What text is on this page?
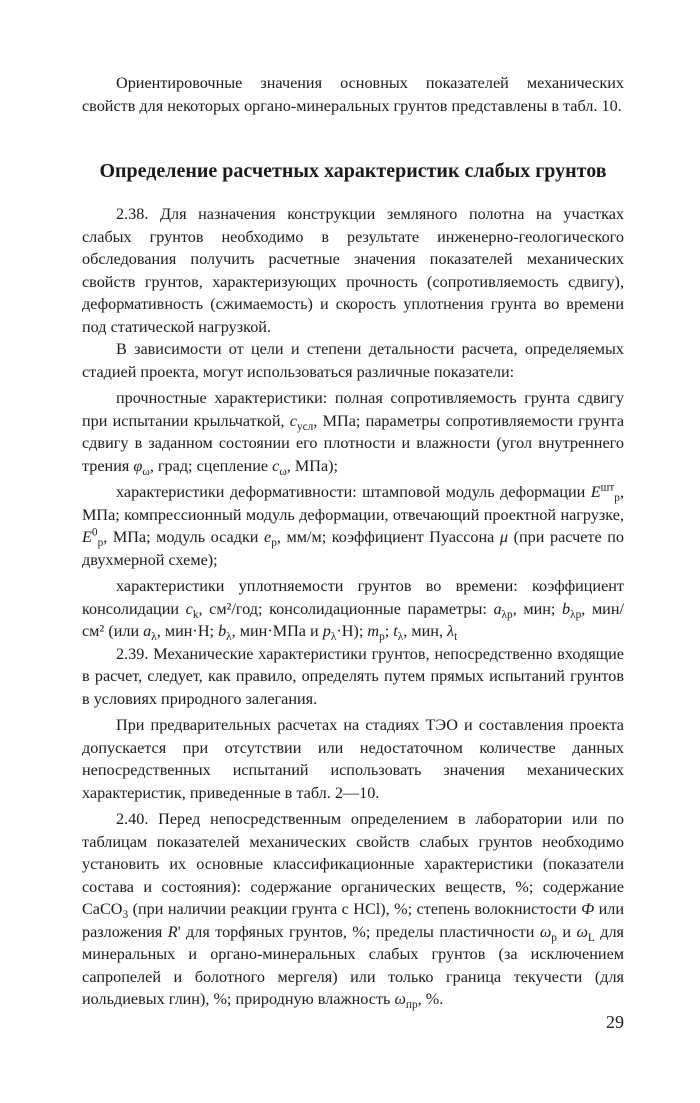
Ориентировочные значения основных показателей механических свойств для некоторых органо-минеральных грунтов представлены в табл. 10.

Определение расчетных характеристик слабых грунтов

2.38. Для назначения конструкции земляного полотна на участках слабых грунтов необходимо в результате инженерно-геологического обследования получить расчетные значения показателей механических свойств грунтов, характеризующих прочность (сопротивляемость сдвигу), деформативность (сжимаемость) и скорость уплотнения грунта во времени под статической нагрузкой.

В зависимости от цели и степени детальности расчета, определяемых стадией проекта, могут использоваться различные показатели:

прочностные характеристики: полная сопротивляемость грунта сдвигу при испытании крыльчаткой, $c_{усл}$, МПа; параметры сопротивляемости грунта сдвигу в заданном состоянии его плотности и влажности (угол внутреннего трения $\varphi_\omega$, град; сцепление $c_\omega$, МПа);

характеристики деформативности: штамповой модуль деформации $E^{шт}_р$, МПа; компрессионный модуль деформации, отвечающий проектной нагрузке, $E^0_р$, МПа; модуль осадки $e_р$, мм/м; коэффициент Пуассона μ (при расчете по двухмерной схеме);

характеристики уплотняемости грунтов во времени: коэффициент консолидации $c_k$, см²/год; консолидационные параметры: $a_{\lambda р}$, мин; $b_{\lambda р}$, мин/см² (или $a_\lambda$, мин·Н; $b_\lambda$, мин·МПа и $p_\lambda\cdot Н$); $m_р$; $t_\lambda$, мин, $\lambda_t$

2.39. Механические характеристики грунтов, непосредственно входящие в расчет, следует, как правило, определять путем прямых испытаний грунтов в условиях природного залегания.

При предварительных расчетах на стадиях ТЭО и составления проекта допускается при отсутствии или недостаточном количестве данных непосредственных испытаний использовать значения механических характеристик, приведенные в табл. 2—10.

2.40. Перед непосредственным определением в лаборатории или по таблицам показателей механических свойств слабых грунтов необходимо установить их основные классификационные характеристики (показатели состава и состояния): содержание органических веществ, %; содержание CaCO$_3$ (при наличии реакции грунта с HCl), %; степень волокнистости Ф или разложения R' для торфяных грунтов, %; пределы пластичности $\omega_р$ и $\omega_L$ для минеральных и органо-минеральных слабых грунтов (за исключением сапропелей и болотного мергеля) или только граница текучести (для иольдиевых глин), %; природную влажность $\omega_{пр}$, %.

29
